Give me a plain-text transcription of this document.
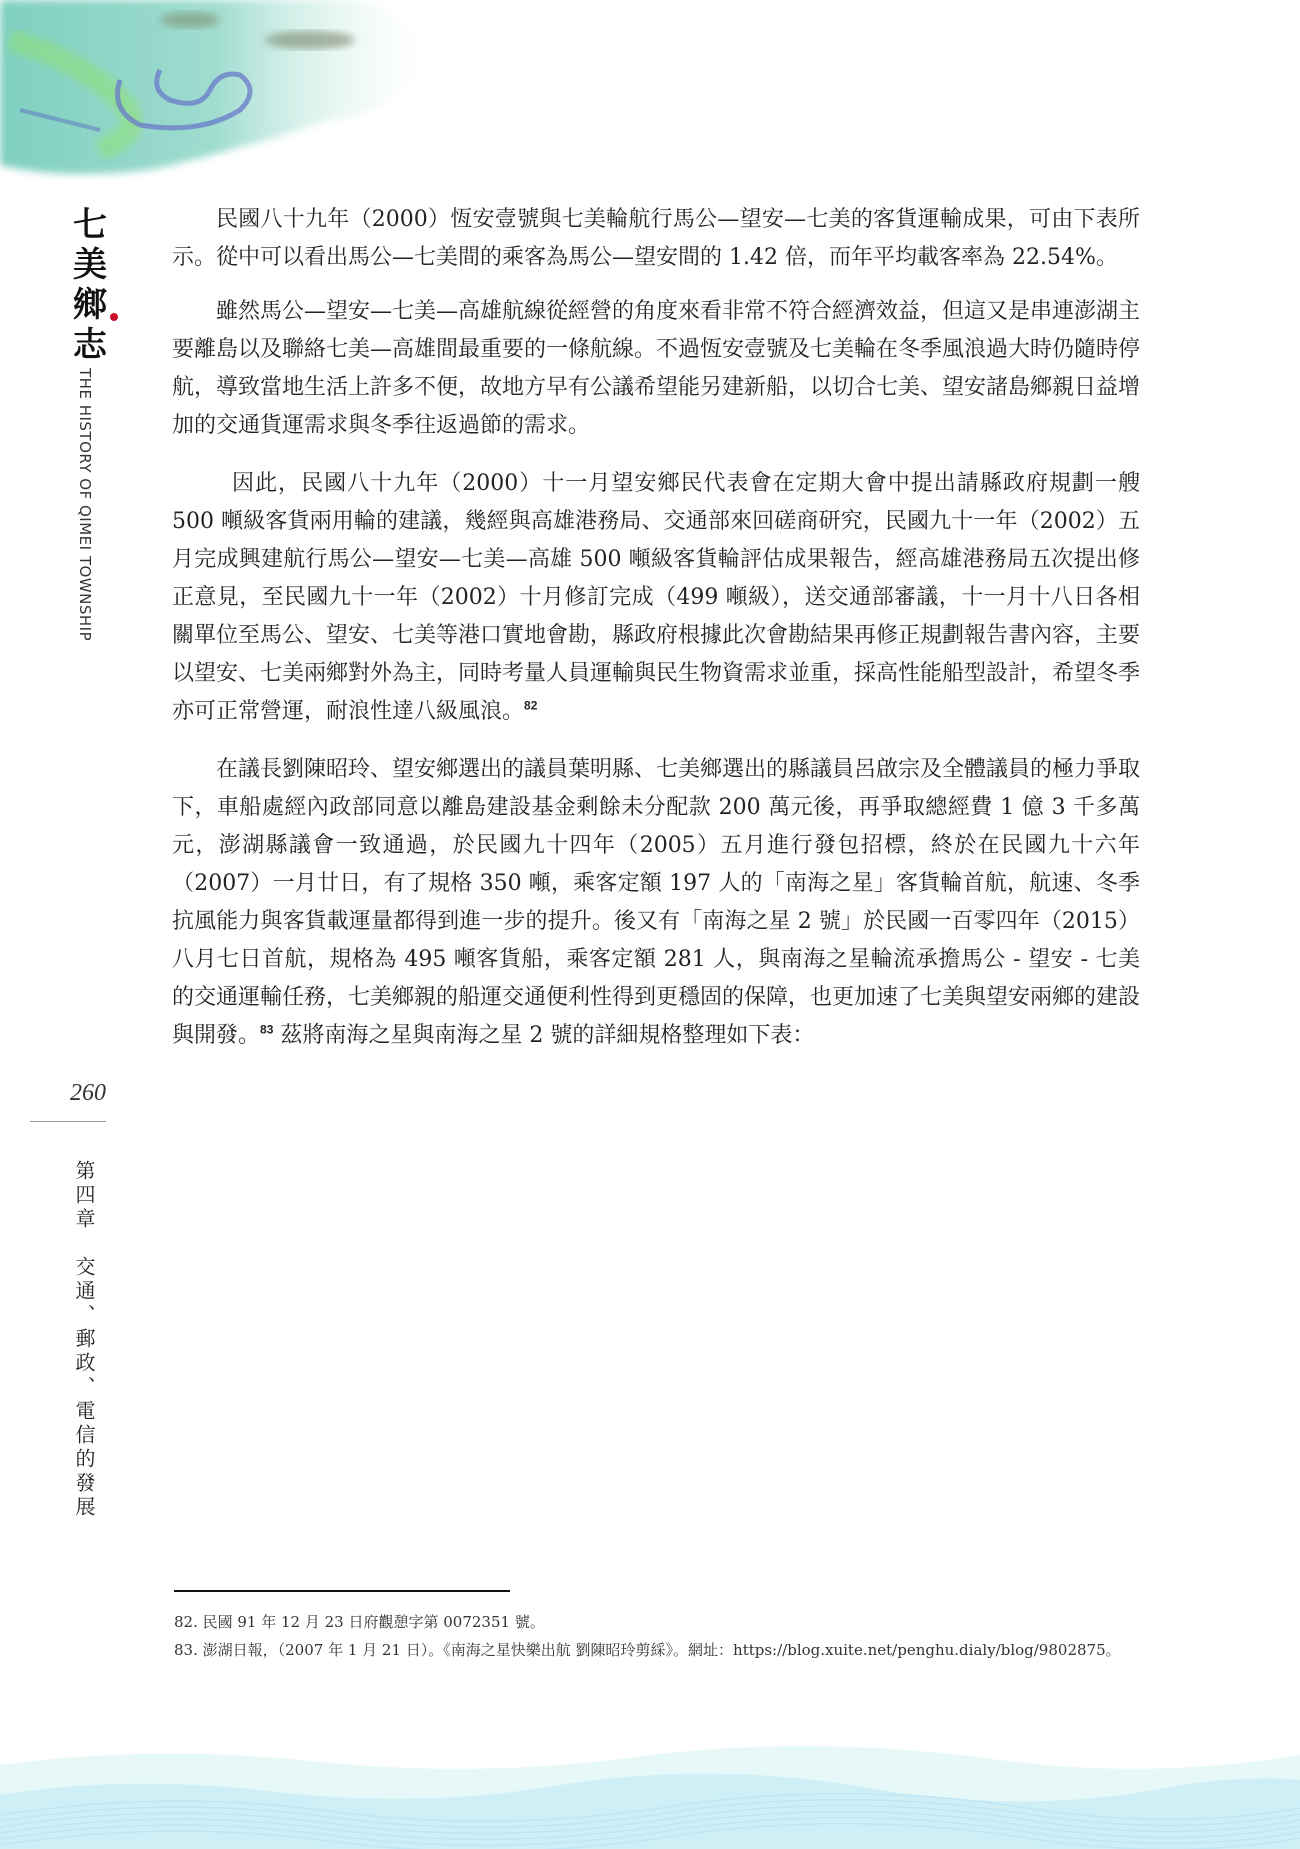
七
美
鄉
志
THE HISTORY OF QIMEI TOWNSHIP
260
第四章　交通、郵政、電信的發展

民國八十九年（2000）恆安壹號與七美輪航行馬公—望安—七美的客貨運輸成果，可由下表所示。從中可以看出馬公—七美間的乘客為馬公—望安間的 1.42 倍，而年平均載客率為 22.54%。

雖然馬公—望安—七美—高雄航線從經營的角度來看非常不符合經濟效益，但這又是串連澎湖主要離島以及聯絡七美—高雄間最重要的一條航線。不過恆安壹號及七美輪在冬季風浪過大時仍隨時停航，導致當地生活上許多不便，故地方早有公議希望能另建新船，以切合七美、望安諸島鄉親日益增加的交通貨運需求與冬季往返過節的需求。

因此，民國八十九年（2000）十一月望安鄉民代表會在定期大會中提出請縣政府規劃一艘 500 噸級客貨兩用輪的建議，幾經與高雄港務局、交通部來回磋商研究，民國九十一年（2002）五月完成興建航行馬公—望安—七美—高雄 500 噸級客貨輪評估成果報告，經高雄港務局五次提出修正意見，至民國九十一年（2002）十月修訂完成（499 噸級），送交通部審議，十一月十八日各相關單位至馬公、望安、七美等港口實地會勘，縣政府根據此次會勘結果再修正規劃報告書內容，主要以望安、七美兩鄉對外為主，同時考量人員運輸與民生物資需求並重，採高性能船型設計，希望冬季亦可正常營運，耐浪性達八級風浪。$^{82}$

在議長劉陳昭玲、望安鄉選出的議員葉明縣、七美鄉選出的縣議員呂啟宗及全體議員的極力爭取下，車船處經內政部同意以離島建設基金剩餘未分配款 200 萬元後，再爭取總經費 1 億 3 千多萬元，澎湖縣議會一致通過，於民國九十四年（2005）五月進行發包招標，終於在民國九十六年（2007）一月廿日，有了規格 350 噸，乘客定額 197 人的「南海之星」客貨輪首航，航速、冬季抗風能力與客貨載運量都得到進一步的提升。後又有「南海之星 2 號」於民國一百零四年（2015）八月七日首航，規格為 495 噸客貨船，乘客定額 281 人，與南海之星輪流承擔馬公 - 望安 - 七美的交通運輸任務，七美鄉親的船運交通便利性得到更穩固的保障，也更加速了七美與望安兩鄉的建設與開發。$^{83}$ 茲將南海之星與南海之星 2 號的詳細規格整理如下表：

82. 民國 91 年 12 月 23 日府觀憩字第 0072351 號。
83. 澎湖日報，（2007 年 1 月 21 日）。《南海之星快樂出航 劉陳昭玲剪綵》。網址：https://blog.xuite.net/penghu.dialy/blog/9802875。
